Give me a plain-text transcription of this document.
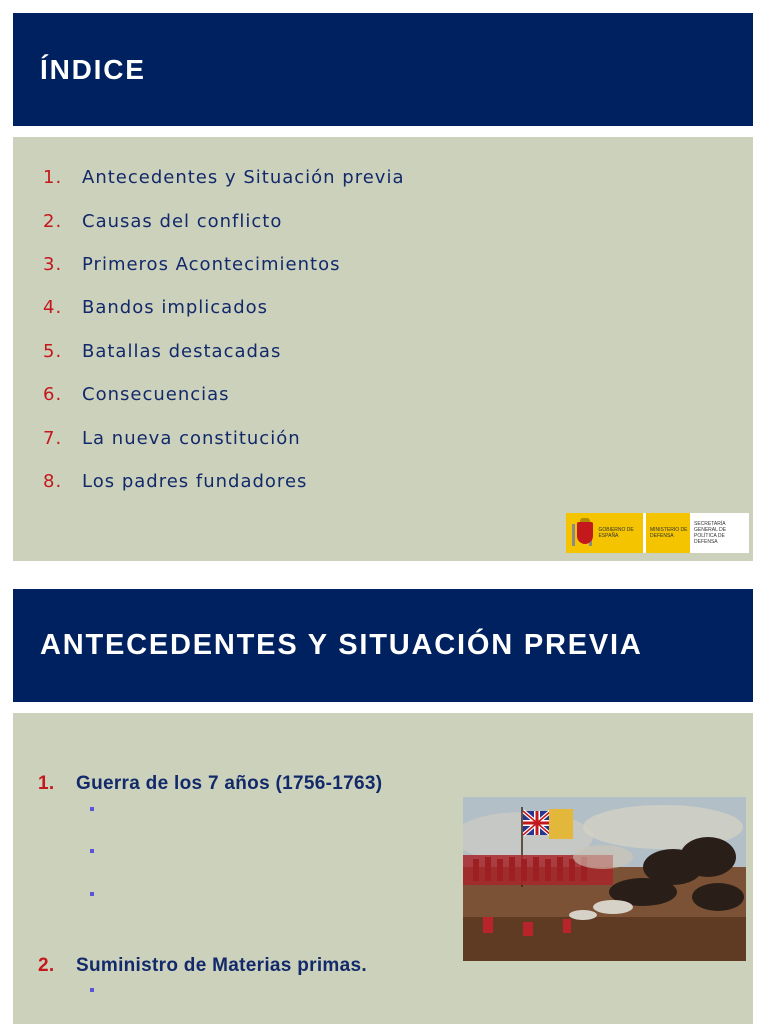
ÍNDICE
1.	Antecedentes y Situación previa
2.	Causas del conflicto
3.	Primeros Acontecimientos
4.	Bandos implicados
5.	Batallas destacadas
6.	Consecuencias
7.	La nueva constitución
8.	Los padres fundadores
GOBIERNO DE ESPAÑA
MINISTERIO DE DEFENSA
SECRETARÍA GENERAL DE POLÍTICA DE DEFENSA
ANTECEDENTES Y SITUACIÓN PREVIA
1. Guerra de los 7 años (1756-1763)
2. Suministro de Materias primas.
